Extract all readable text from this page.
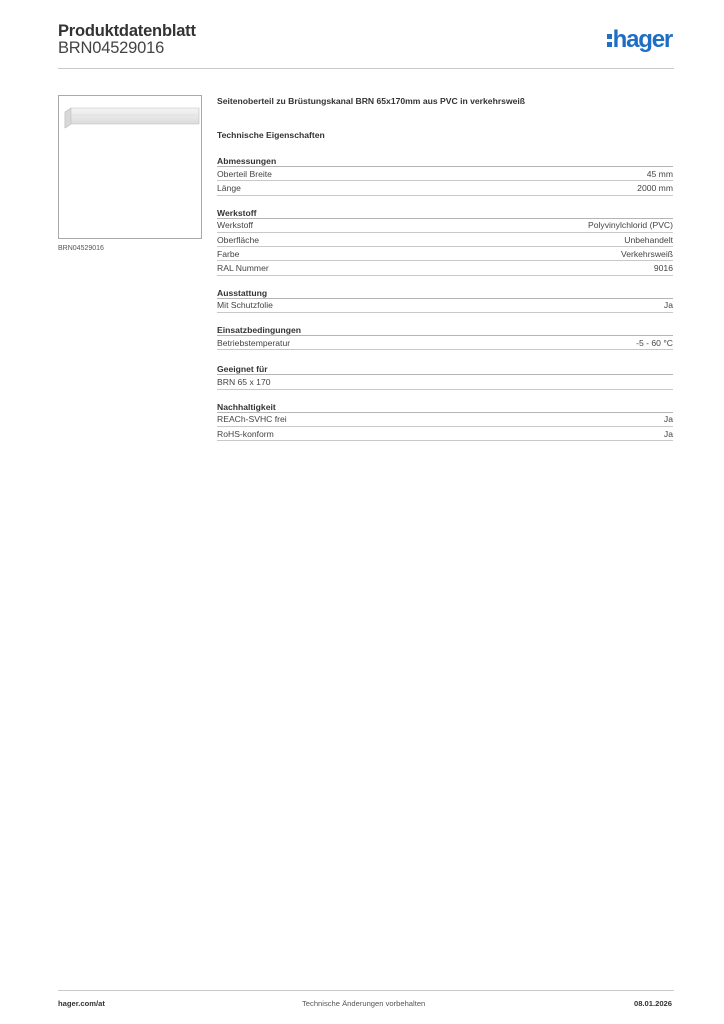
Produktdatenblatt
BRN04529016	hager
BRN04529016
Seitenoberteil zu Brüstungskanal BRN 65x170mm aus PVC in verkehrsweiß
Technische Eigenschaften
Abmessungen
Oberteil Breite	45 mm
Länge	2000 mm
Werkstoff
Werkstoff	Polyvinylchlorid (PVC)
Oberfläche	Unbehandelt
Farbe	Verkehrsweiß
RAL Nummer	9016
Ausstattung
Mit Schutzfolie	Ja
Einsatzbedingungen
Betriebstemperatur	-5 - 60 °C
Geeignet für
BRN 65 x 170
Nachhaltigkeit
REACh-SVHC frei	Ja
RoHS-konform	Ja
hager.com/at	Technische Änderungen vorbehalten	08.01.2026
